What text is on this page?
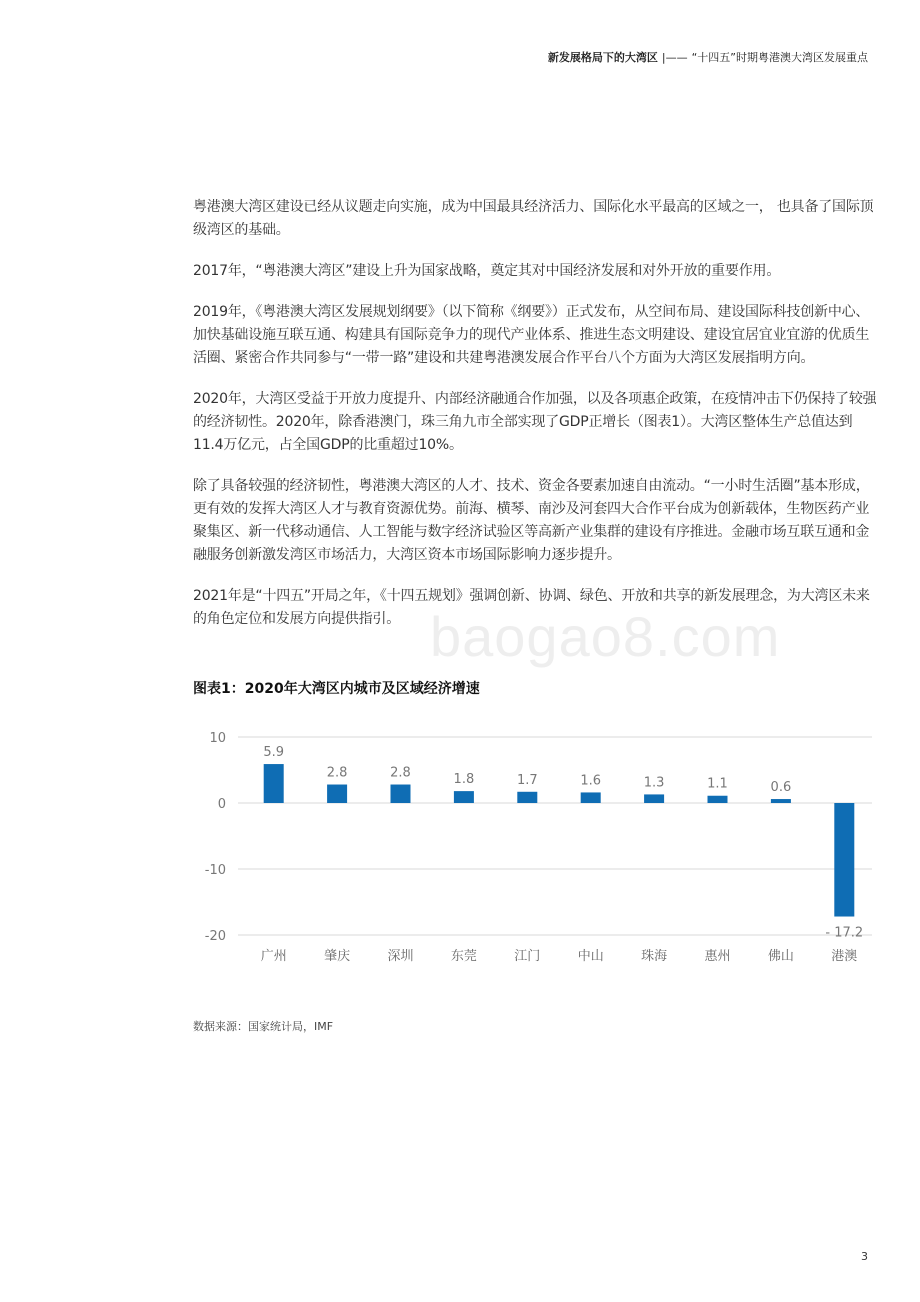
新发展格局下的大湾区 |—— “十四五”时期粤港澳大湾区发展重点

粤港澳大湾区建设已经从议题走向实施，成为中国最具经济活力、国际化水平最高的区域之一， 也具备了国际顶级湾区的基础。

2017年，“粤港澳大湾区”建设上升为国家战略，奠定其对中国经济发展和对外开放的重要作用。

2019年，《粤港澳大湾区发展规划纲要》（以下简称《纲要》）正式发布，从空间布局、建设国际科技创新中心、加快基础设施互联互通、构建具有国际竞争力的现代产业体系、推进生态文明建设、建设宜居宜业宜游的优质生活圈、紧密合作共同参与“一带一路”建设和共建粤港澳发展合作平台八个方面为大湾区发展指明方向。

2020年，大湾区受益于开放力度提升、内部经济融通合作加强，以及各项惠企政策，在疫情冲击下仍保持了较强的经济韧性。2020年，除香港澳门，珠三角九市全部实现了GDP正增长（图表1）。大湾区整体生产总值达到11.4万亿元，占全国GDP的比重超过10%。

除了具备较强的经济韧性，粤港澳大湾区的人才、技术、资金各要素加速自由流动。“一小时生活圈”基本形成，更有效的发挥大湾区人才与教育资源优势。前海、横琴、南沙及河套四大合作平台成为创新载体，生物医药产业聚集区、新一代移动通信、人工智能与数字经济试验区等高新产业集群的建设有序推进。金融市场互联互通和金融服务创新激发湾区市场活力，大湾区资本市场国际影响力逐步提升。

2021年是“十四五”开局之年，《十四五规划》强调创新、协调、绿色、开放和共享的新发展理念，为大湾区未来的角色定位和发展方向提供指引。 baogao8.com
图表1：2020年大湾区内城市及区域经济增速
10
0
-10
-20
5.9
广州
2.8
肇庆
2.8
深圳
1.8
东莞
1.7
江门
1.6
中山
1.3
珠海
1.1
惠州
0.6
佛山
- 17.2
港澳
数据来源：国家统计局，IMF
3
